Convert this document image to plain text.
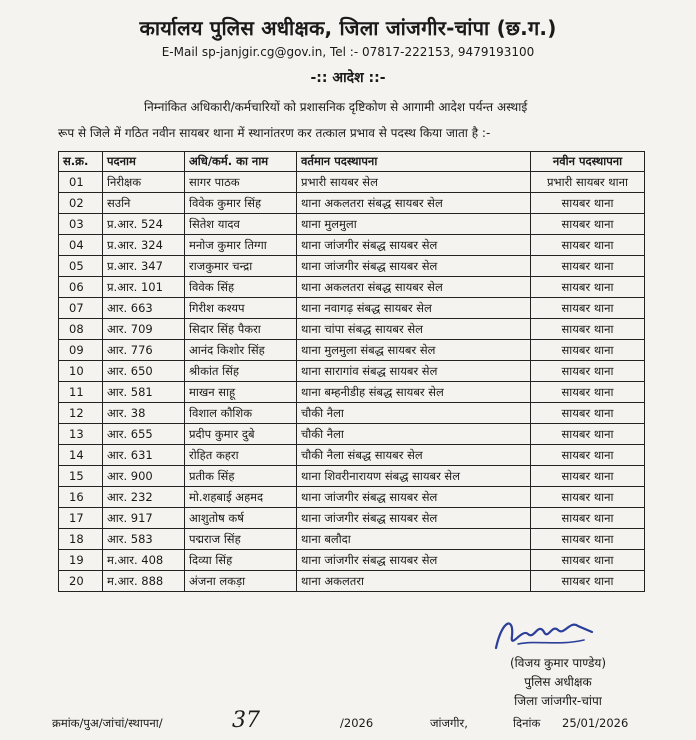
कार्यालय पुलिस अधीक्षक, जिला जांजगीर-चांपा (छ.ग.)
E-Mail sp-janjgir.cg@gov.in, Tel :- 07817-222153, 9479193100
-:: आदेश ::-
निम्नांकित अधिकारी/कर्मचारियों को प्रशासनिक दृष्टिकोण से आगामी आदेश पर्यन्त अस्थाई
रूप से जिले में गठित नवीन सायबर थाना में स्थानांतरण कर तत्काल प्रभाव से पदस्थ किया जाता है :-
स.क्र.	पदनाम	अधि/कर्म. का नाम	वर्तमान पदस्थापना	नवीन पदस्थापना
01	निरीक्षक	सागर पाठक	प्रभारी सायबर सेल	प्रभारी सायबर थाना
02	सउनि	विवेक कुमार सिंह	थाना अकलतरा संबद्ध सायबर सेल	सायबर थाना
03	प्र.आर. 524	सितेश यादव	थाना मुलमुला	सायबर थाना
04	प्र.आर. 324	मनोज कुमार तिग्गा	थाना जांजगीर संबद्ध सायबर सेल	सायबर थाना
05	प्र.आर. 347	राजकुमार चन्द्रा	थाना जांजगीर संबद्ध सायबर सेल	सायबर थाना
06	प्र.आर. 101	विवेक सिंह	थाना अकलतरा संबद्ध सायबर सेल	सायबर थाना
07	आर. 663	गिरीश कश्यप	थाना नवागढ़ संबद्ध सायबर सेल	सायबर थाना
08	आर. 709	सिदार सिंह पैकरा	थाना चांपा संबद्ध सायबर सेल	सायबर थाना
09	आर. 776	आनंद किशोर सिंह	थाना मुलमुला संबद्ध सायबर सेल	सायबर थाना
10	आर. 650	श्रीकांत सिंह	थाना सारागांव संबद्ध सायबर सेल	सायबर थाना
11	आर. 581	माखन साहू	थाना बम्हनीडीह संबद्ध सायबर सेल	सायबर थाना
12	आर. 38	विशाल कौशिक	चौकी नैला	सायबर थाना
13	आर. 655	प्रदीप कुमार दुबे	चौकी नैला	सायबर थाना
14	आर. 631	रोहित कहरा	चौकी नैला संबद्ध सायबर सेल	सायबर थाना
15	आर. 900	प्रतीक सिंह	थाना शिवरीनारायण संबद्ध सायबर सेल	सायबर थाना
16	आर. 232	मो.शहबाई अहमद	थाना जांजगीर संबद्ध सायबर सेल	सायबर थाना
17	आर. 917	आशुतोष कर्ष	थाना जांजगीर संबद्ध सायबर सेल	सायबर थाना
18	आर. 583	पद्मराज सिंह	थाना बलौदा	सायबर थाना
19	म.आर. 408	दिव्या सिंह	थाना जांजगीर संबद्ध सायबर सेल	सायबर थाना
20	म.आर. 888	अंजना लकड़ा	थाना अकलतरा	सायबर थाना
(विजय कुमार पाण्डेय)
पुलिस अधीक्षक
जिला जांजगीर-चांपा
क्रमांक/पुअ/जांचां/स्थापना/	37	/2026	जांजगीर,	दिनांक 25/01/2026
